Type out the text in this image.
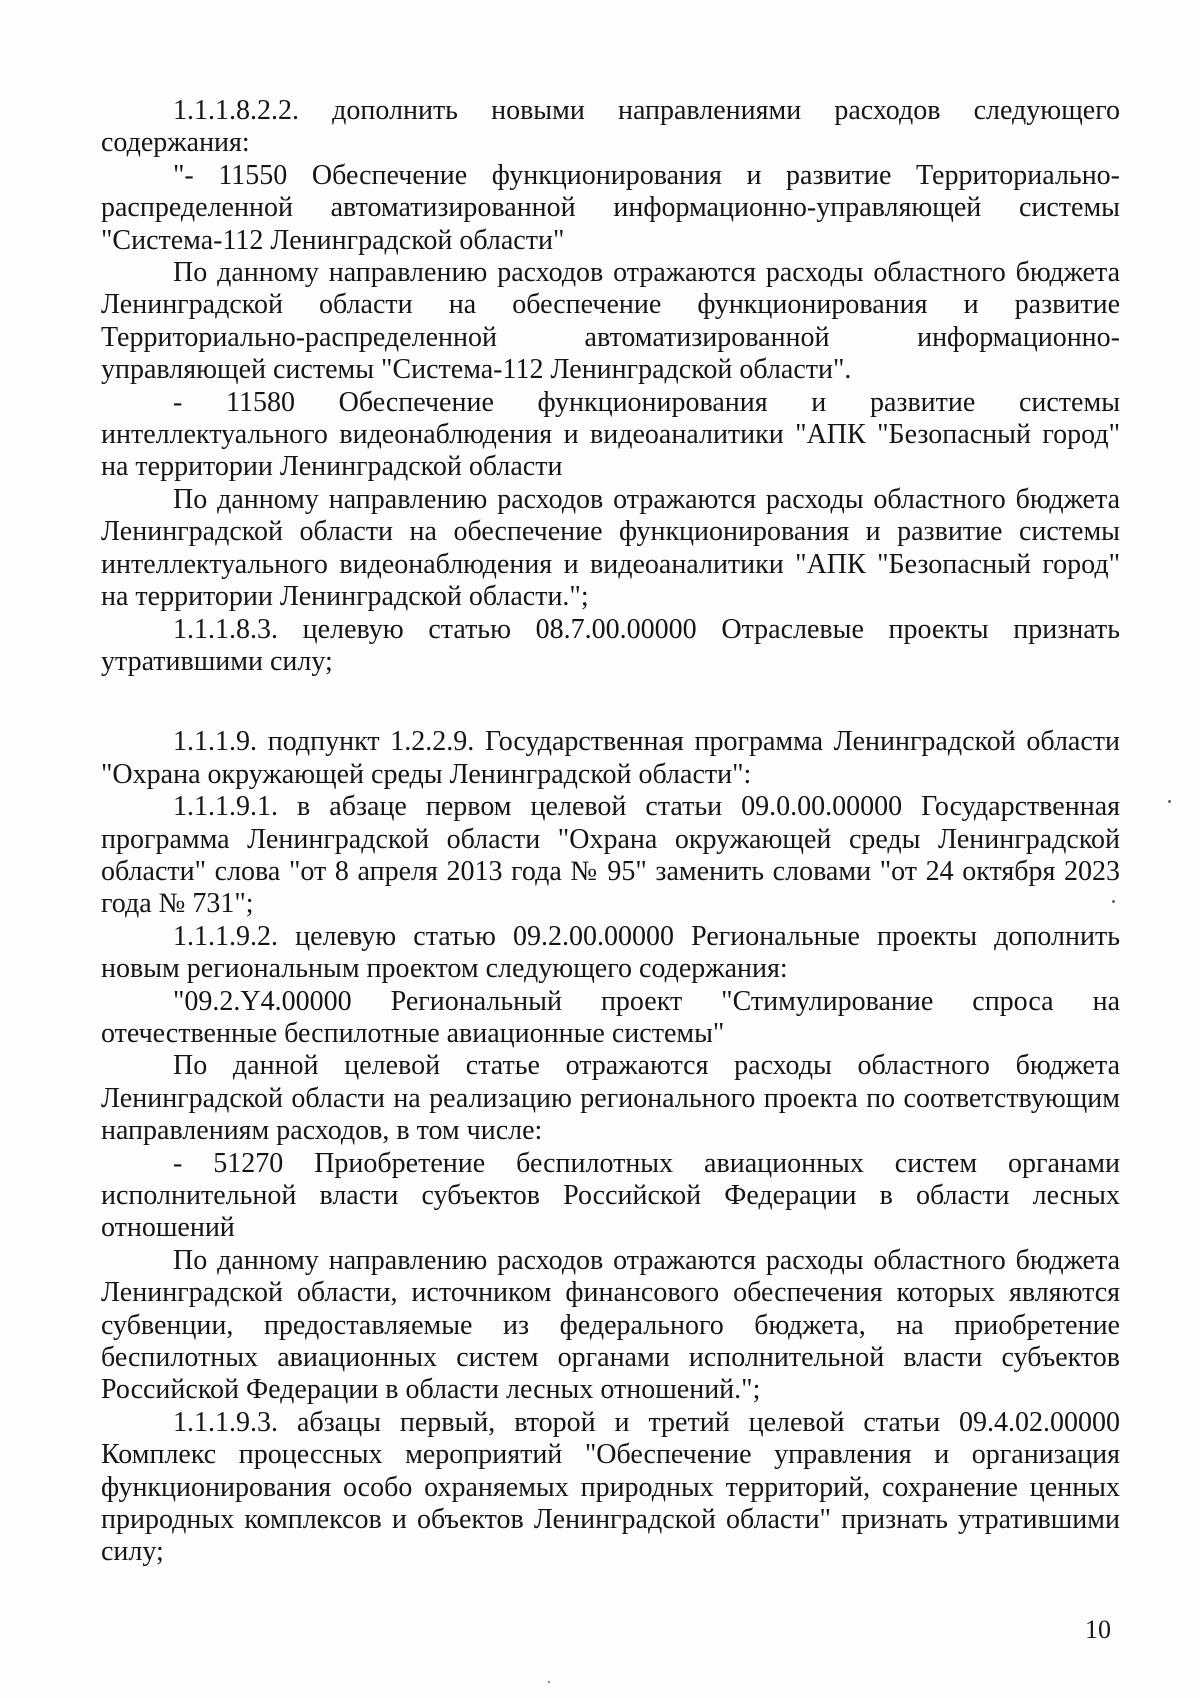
1.1.1.8.2.2. дополнить новыми направлениями расходов следующего содержания:

"- 11550 Обеспечение функционирования и развитие Территориально-распределенной автоматизированной информационно-управляющей системы "Система-112 Ленинградской области"

По данному направлению расходов отражаются расходы областного бюджета Ленинградской области на обеспечение функционирования и развитие Территориально-распределенной автоматизированной информационно-управляющей системы "Система-112 Ленинградской области".

- 11580 Обеспечение функционирования и развитие системы интеллектуального видеонаблюдения и видеоаналитики "АПК "Безопасный город" на территории Ленинградской области

По данному направлению расходов отражаются расходы областного бюджета Ленинградской области на обеспечение функционирования и развитие системы интеллектуального видеонаблюдения и видеоаналитики "АПК "Безопасный город" на территории Ленинградской области.";

1.1.1.8.3. целевую статью 08.7.00.00000 Отраслевые проекты признать утратившими силу;

1.1.1.9. подпункт 1.2.2.9. Государственная программа Ленинградской области "Охрана окружающей среды Ленинградской области":

1.1.1.9.1. в абзаце первом целевой статьи 09.0.00.00000 Государственная программа Ленинградской области "Охрана окружающей среды Ленинградской области" слова "от 8 апреля 2013 года № 95" заменить словами "от 24 октября 2023 года № 731";

1.1.1.9.2. целевую статью 09.2.00.00000 Региональные проекты дополнить новым региональным проектом следующего содержания:

"09.2.Y4.00000 Региональный проект "Стимулирование спроса на отечественные беспилотные авиационные системы"

По данной целевой статье отражаются расходы областного бюджета Ленинградской области на реализацию регионального проекта по соответствующим направлениям расходов, в том числе:

- 51270 Приобретение беспилотных авиационных систем органами исполнительной власти субъектов Российской Федерации в области лесных отношений

По данному направлению расходов отражаются расходы областного бюджета Ленинградской области, источником финансового обеспечения которых являются субвенции, предоставляемые из федерального бюджета, на приобретение беспилотных авиационных систем органами исполнительной власти субъектов Российской Федерации в области лесных отношений.";

1.1.1.9.3. абзацы первый, второй и третий целевой статьи 09.4.02.00000 Комплекс процессных мероприятий "Обеспечение управления и организация функционирования особо охраняемых природных территорий, сохранение ценных природных комплексов и объектов Ленинградской области" признать утратившими силу;

10
